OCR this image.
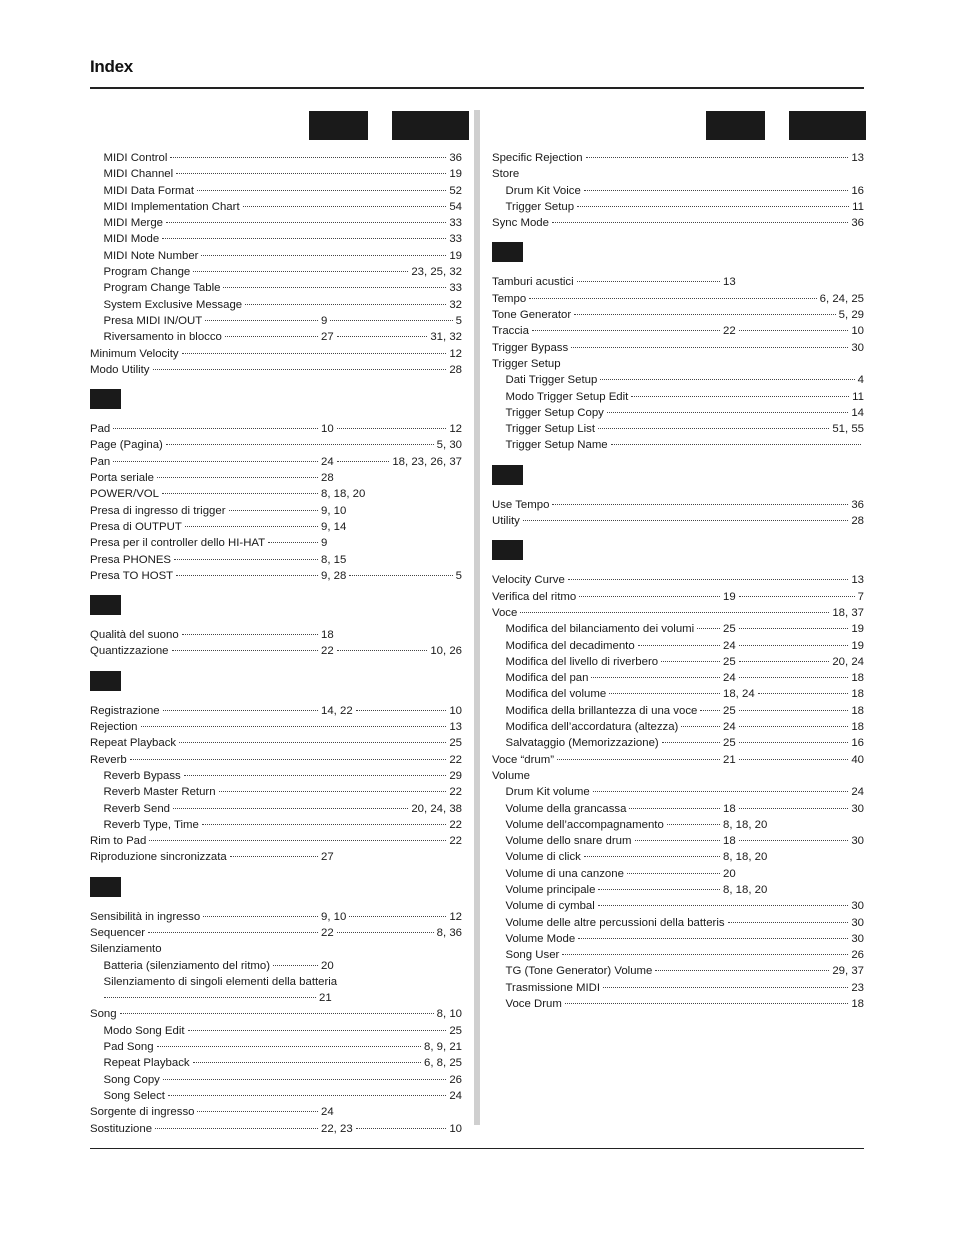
Index
MIDI Control	36
MIDI Channel	19
MIDI Data Format	52
MIDI Implementation Chart	54
MIDI Merge	33
MIDI Mode	33
MIDI Note Number	19
Program Change	23, 25, 32
Program Change Table	33
System Exclusive Message	32
Presa MIDI IN/OUT	9	5
Riversamento in blocco	27	31, 32
Minimum Velocity	12
Modo Utility	28
Pad	10	12
Page (Pagina)	5, 30
Pan	24	18, 23, 26, 37
Porta seriale	28
POWER/VOL	8, 18, 20
Presa di ingresso di trigger	9, 10
Presa di OUTPUT	9, 14
Presa per il controller dello HI-HAT	9
Presa PHONES	8, 15
Presa TO HOST	9, 28	5
Qualità del suono	18
Quantizzazione	22	10, 26
Registrazione	14, 22	10
Rejection	13
Repeat Playback	25
Reverb	22
Reverb Bypass	29
Reverb Master Return	22
Reverb Send	20, 24, 38
Reverb Type, Time	22
Rim to Pad	22
Riproduzione sincronizzata	27
Sensibilità in ingresso	9, 10	12
Sequencer	22	8, 36
Silenziamento
Batteria (silenziamento del ritmo)	20
Silenziamento di singoli elementi della batteria
21
Song	8, 10
Modo Song Edit	25
Pad Song	8, 9, 21
Repeat Playback	6, 8, 25
Song Copy	26
Song Select	24
Sorgente di ingresso	24
Sostituzione	22, 23	10
Specific Rejection	13
Store
Drum Kit Voice	16
Trigger Setup	11
Sync Mode	36
Tamburi acustici	13
Tempo	6, 24, 25
Tone Generator	5, 29
Traccia	22	10
Trigger Bypass	30
Trigger Setup
Dati Trigger Setup	4
Modo Trigger Setup Edit	11
Trigger Setup Copy	14
Trigger Setup List	51, 55
Trigger Setup Name
Use Tempo	36
Utility	28
Velocity Curve	13
Verifica del ritmo	19	7
Voce	18, 37
Modifica del bilanciamento dei volumi	25	19
Modifica del decadimento	24	19
Modifica del livello di riverbero	25	20, 24
Modifica del pan	24	18
Modifica del volume	18, 24	18
Modifica della brillantezza di una voce 25	18
Modifica dell’accordatura (altezza)	24	18
Salvataggio (Memorizzazione)	25	16
Voce “drum”	21	40
Volume
Drum Kit volume	24
Volume della grancassa	18	30
Volume dell’accompagnamento	8, 18, 20
Volume dello snare drum	18	30
Volume di click	8, 18, 20
Volume di una canzone	20
Volume principale	8, 18, 20
Volume di cymbal	30
Volume delle altre percussioni della batteris	30
Volume Mode	30
Song User	26
TG (Tone Generator) Volume	29, 37
Trasmissione MIDI	23
Voce Drum	18
